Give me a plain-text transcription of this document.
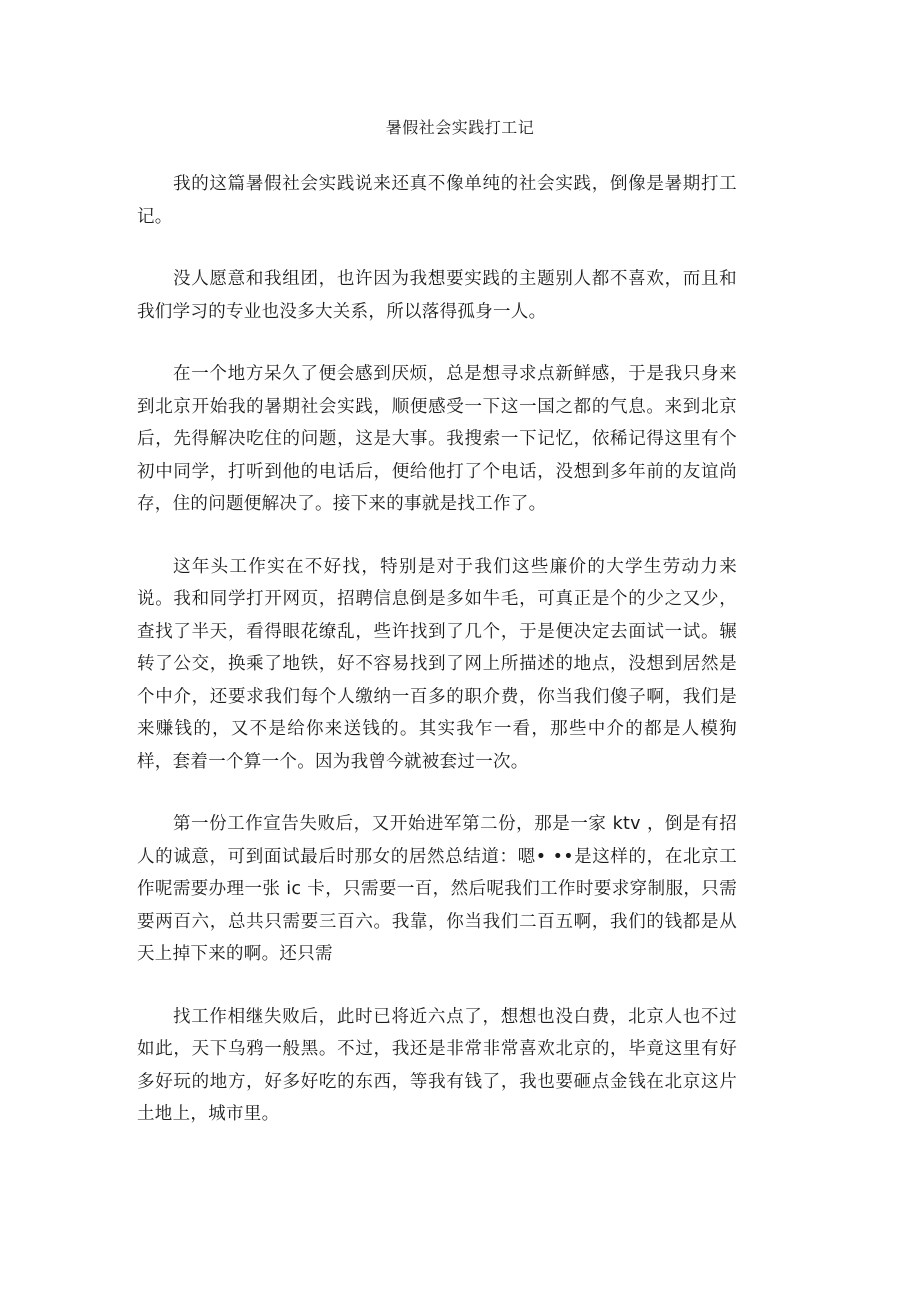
暑假社会实践打工记

我的这篇暑假社会实践说来还真不像单纯的社会实践，倒像是暑期打工记。

没人愿意和我组团，也许因为我想要实践的主题别人都不喜欢，而且和我们学习的专业也没多大关系，所以落得孤身一人。

在一个地方呆久了便会感到厌烦，总是想寻求点新鲜感，于是我只身来到北京开始我的暑期社会实践，顺便感受一下这一国之都的气息。来到北京后，先得解决吃住的问题，这是大事。我搜索一下记忆，依稀记得这里有个初中同学，打听到他的电话后，便给他打了个电话，没想到多年前的友谊尚存，住的问题便解决了。接下来的事就是找工作了。

这年头工作实在不好找，特别是对于我们这些廉价的大学生劳动力来说。我和同学打开网页，招聘信息倒是多如牛毛，可真正是个的少之又少，查找了半天，看得眼花缭乱，些许找到了几个，于是便决定去面试一试。辗转了公交，换乘了地铁，好不容易找到了网上所描述的地点，没想到居然是个中介，还要求我们每个人缴纳一百多的职介费，你当我们傻子啊，我们是来赚钱的，又不是给你来送钱的。其实我乍一看，那些中介的都是人模狗样，套着一个算一个。因为我曾今就被套过一次。

第一份工作宣告失败后，又开始进军第二份，那是一家 ktv ，倒是有招人的诚意，可到面试最后时那女的居然总结道：嗯• ••是这样的，在北京工作呢需要办理一张 ic 卡，只需要一百，然后呢我们工作时要求穿制服，只需要两百六，总共只需要三百六。我靠，你当我们二百五啊，我们的钱都是从天上掉下来的啊。还只需

找工作相继失败后，此时已将近六点了，想想也没白费，北京人也不过如此，天下乌鸦一般黑。不过，我还是非常非常喜欢北京的，毕竟这里有好多好玩的地方，好多好吃的东西，等我有钱了，我也要砸点金钱在北京这片土地上，城市里。
